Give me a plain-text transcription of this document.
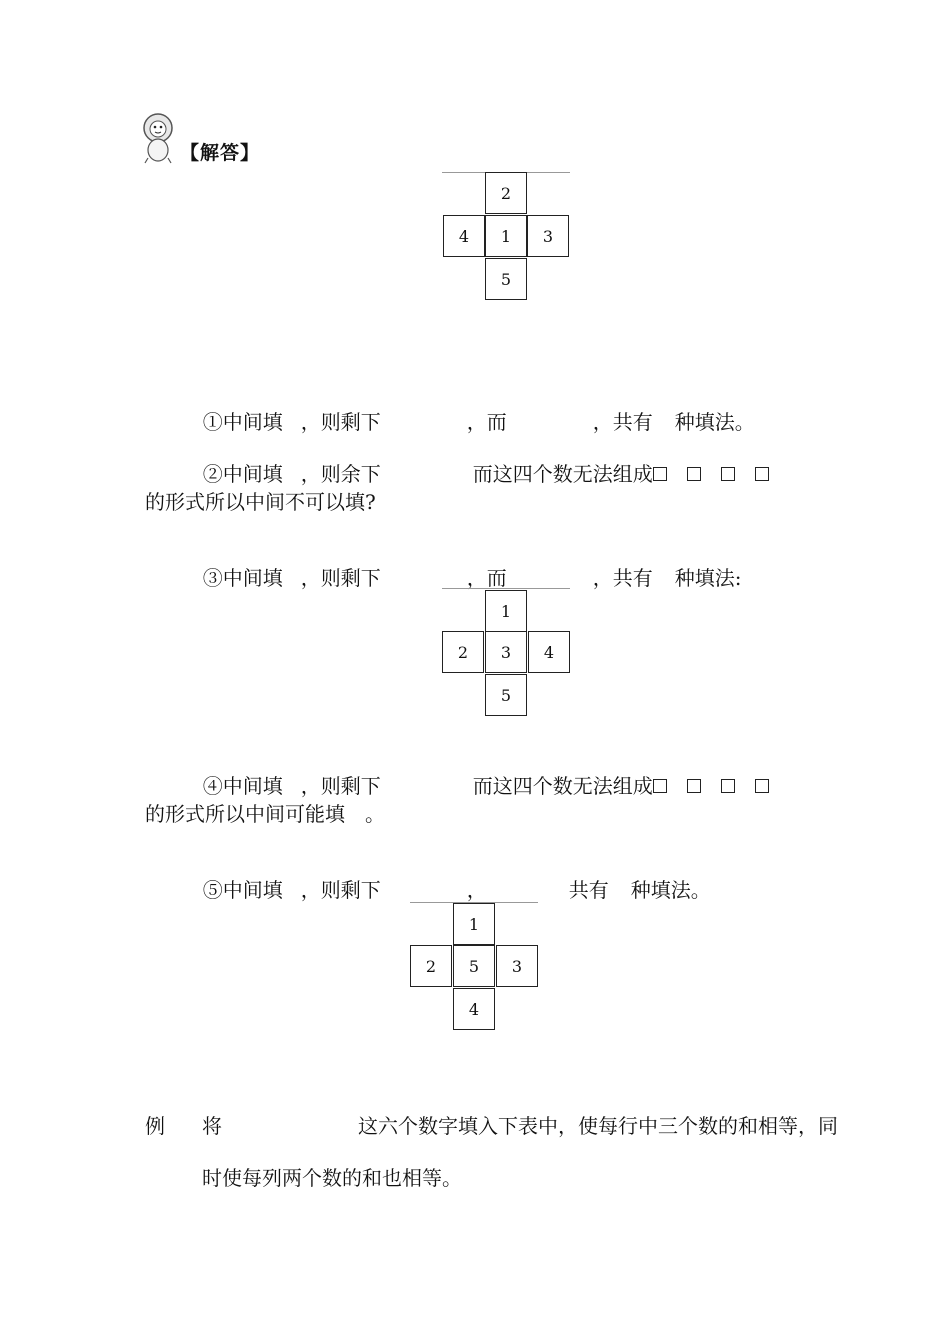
【解答】
2
4	1	3
5

①中间填 ，则剩下	，而	，共有 种填法。

②中间填 ，则余下	而这四个数无法组成

的形式所以中间不可以填?

③中间填 ，则剩下	，而	，共有 种填法:

1
2	3	4
5

④中间填 ，则剩下	而这四个数无法组成

的形式所以中间可能填　。

⑤中间填 ，则剩下	，	共有 种填法。

1
2	5	3
4
例 将	这六个数字填入下表中，使每行中三个数的和相等，同
时使每列两个数的和也相等。
